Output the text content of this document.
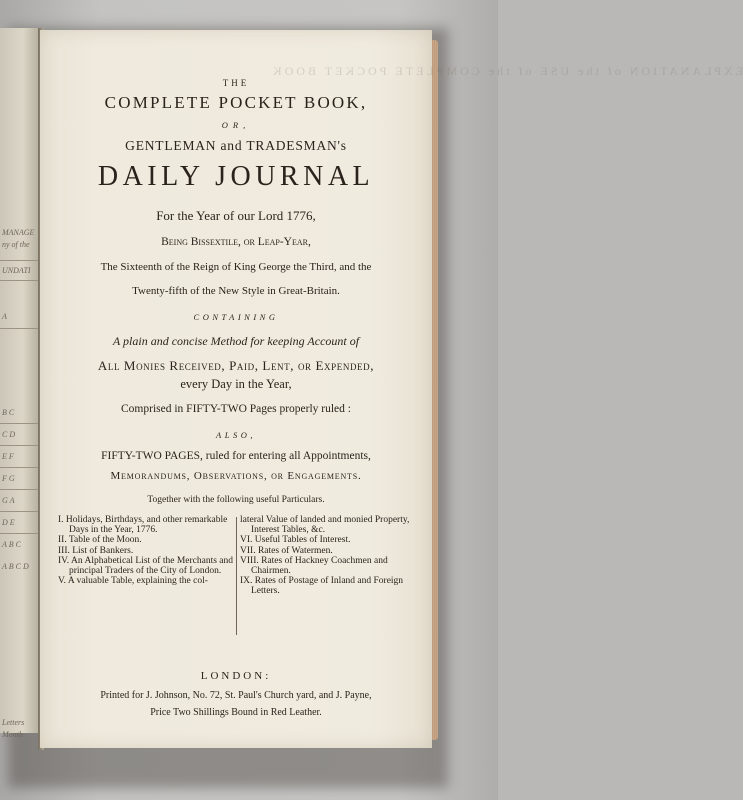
MANAGE
ny of the
UNDATI
A
B C
C D
E F
F G
G A
D E
A B C
A B C D
Letters
Month
EXPLANATION of the USE of the COMPLETE POCKET BOOK
THE
COMPLETE POCKET BOOK,
OR,
GENTLEMAN and TRADESMAN's
DAILY JOURNAL
For the Year of our Lord 1776,
Being Bissextile, or Leap-Year,
The Sixteenth of the Reign of King George the Third, and the
Twenty-fifth of the New Style in Great-Britain.
CONTAINING
A plain and concise Method for keeping Account of
All Monies Received, Paid, Lent, or Expended,
every Day in the Year,
Comprised in FIFTY-TWO Pages properly ruled :
ALSO,
FIFTY-TWO PAGES, ruled for entering all Appointments,
Memorandums, Observations, or Engagements.
Together with the following useful Particulars.
I. Holidays, Birthdays, and other remarkable Days in the Year, 1776.
II. Table of the Moon.
III. List of Bankers.
IV. An Alphabetical List of the Merchants and principal Traders of the City of London.
V. A valuable Table, explaining the col-
lateral Value of landed and monied Property, Interest Tables, &c.
VI. Useful Tables of Interest.
VII. Rates of Watermen.
VIII. Rates of Hackney Coachmen and Chairmen.
IX. Rates of Postage of Inland and Foreign Letters.
LONDON:
Printed for J. Johnson, No. 72, St. Paul's Church yard, and J. Payne,
Price Two Shillings Bound in Red Leather.
